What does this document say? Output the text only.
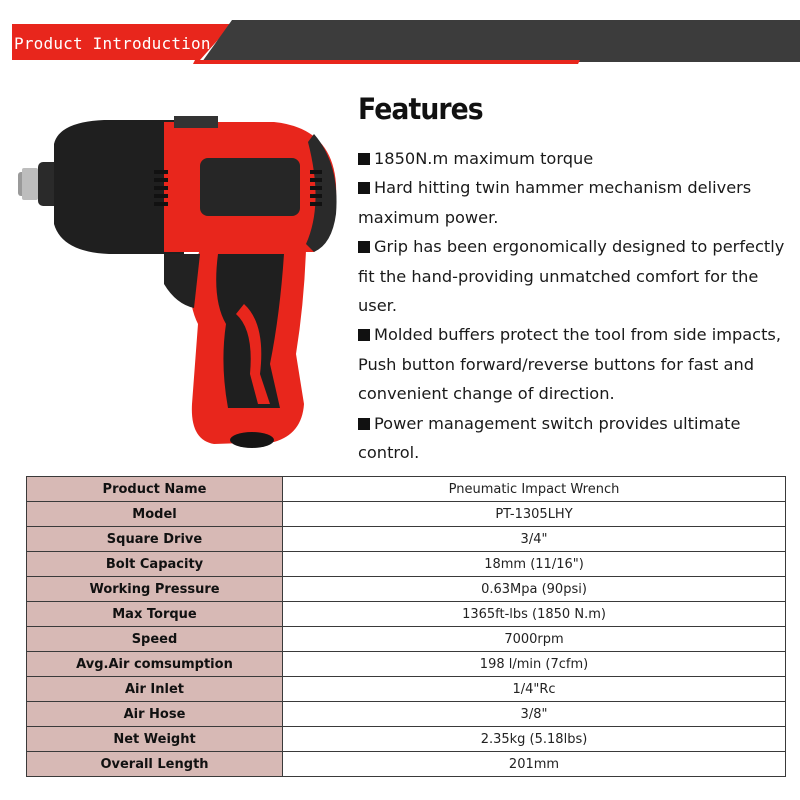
Product Introduction
Features

1850N.m maximum torque

Hard hitting twin hammer mechanism delivers maximum power.

Grip has been ergonomically designed to perfectly fit the hand-providing unmatched comfort for the user.

Molded buffers protect the tool from side impacts, Push button forward/reverse buttons for fast and convenient change of direction.

Power management switch provides ultimate control.

Product Name	Pneumatic Impact Wrench
Model	PT-1305LHY
Square Drive	3/4"
Bolt Capacity	18mm (11/16")
Working Pressure	0.63Mpa (90psi)
Max Torque	1365ft-lbs (1850 N.m)
Speed	7000rpm
Avg.Air comsumption	198 l/min (7cfm)
Air Inlet	1/4"Rc
Air Hose	3/8"
Net Weight	2.35kg (5.18lbs)
Overall Length	201mm
